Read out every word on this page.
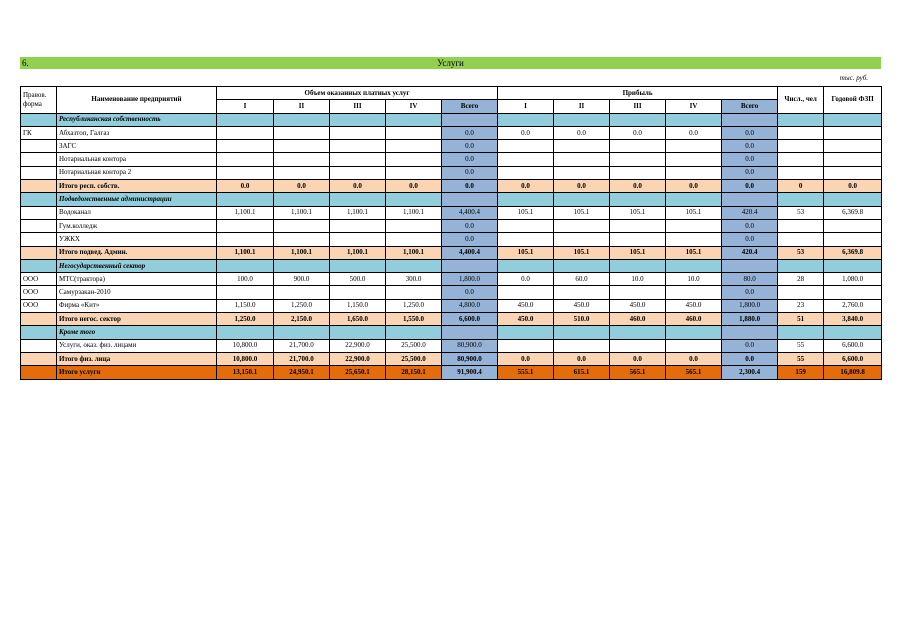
6.	Услуги
тыс. руб.
Правов. форма	Наименование предприятий	Объем оказанных платных услуг					Прибыль					Числ., чел	Годовой ФЗП
		I	II	III	IV	Всего	I	II	III	IV	Всего		
	Республиканская собственность												
ГК	Абхазтоп, Галгаз					0.0	0.0	0.0	0.0	0.0	0.0		
	ЗАГС					0.0					0.0		
	Нотариальная контора					0.0					0.0		
	Нотариальная контора 2					0.0					0.0		
	Итого респ. собств.	0.0	0.0	0.0	0.0	0.0	0.0	0.0	0.0	0.0	0.0	0	0.0
	Подведомственные администрации												
	Водоканал	1,100.1	1,100.1	1,100.1	1,100.1	4,400.4	105.1	105.1	105.1	105.1	420.4	53	6,369.8
	Гум.колледж					0.0					0.0		
	УЖКХ					0.0					0.0		
	Итого подвед. Админ.	1,100.1	1,100.1	1,100.1	1,100.1	4,400.4	105.1	105.1	105.1	105.1	420.4	53	6,369.8
	Негосударственный сектор												
ООО	МТС(трактора)	100.0	900.0	500.0	300.0	1,800.0	0.0	60.0	10.0	10.0	80.0	28	1,080.0
ООО	Самурзакан-2010					0.0					0.0		
ООО	Фирма «Кит»	1,150.0	1,250.0	1,150.0	1,250.0	4,800.0	450.0	450.0	450.0	450.0	1,800.0	23	2,760.0
	Итого негос. сектор	1,250.0	2,150.0	1,650.0	1,550.0	6,600.0	450.0	510.0	460.0	460.0	1,880.0	51	3,840.0
	Кроме того												
	Услуги, оказ. физ. лицами	10,800.0	21,700.0	22,900.0	25,500.0	80,900.0					0.0	55	6,600.0
	Итого физ. лица	10,800.0	21,700.0	22,900.0	25,500.0	80,900.0	0.0	0.0	0.0	0.0	0.0	55	6,600.0
	Итого услуги	13,150.1	24,950.1	25,650.1	28,150.1	91,900.4	555.1	615.1	565.1	565.1	2,300.4	159	16,809.8
